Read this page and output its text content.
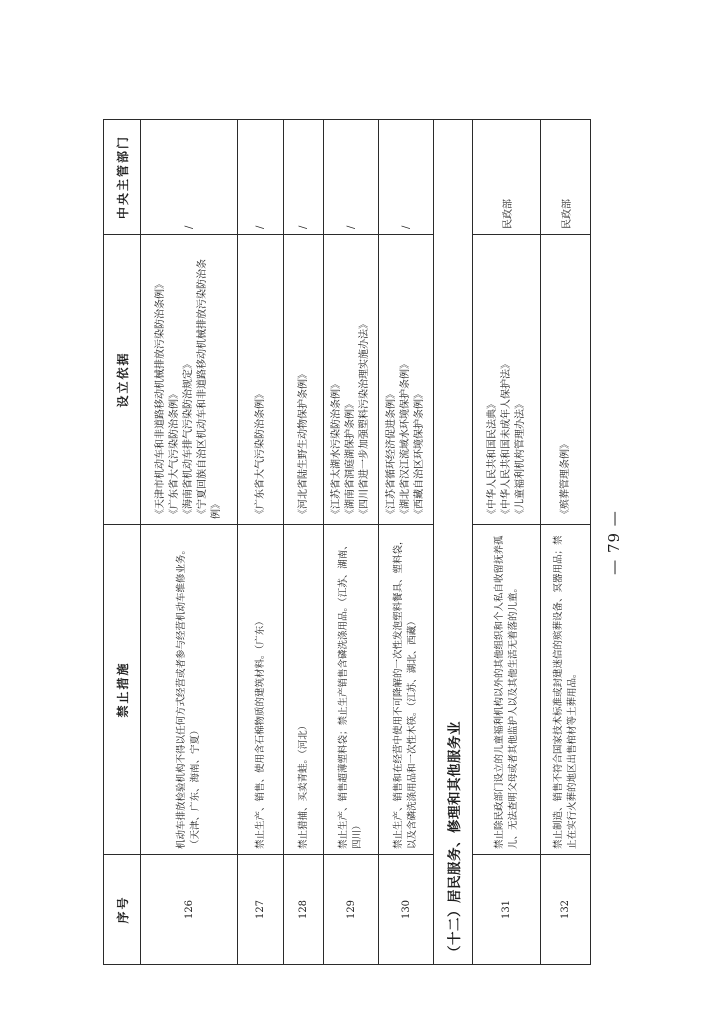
序号	禁止措施	设立依据	中央主管部门
126	机动车排放检验机构不得以任何方式经营或者参与经营机动车维修业务。 （天津、广东、海南、宁夏）	《天津市机动车和非道路移动机械排放污染防治条例》 《广东省大气污染防治条例》 《海南省机动车排气污染防治规定》 《宁夏回族自治区机动车和非道路移动机械排放污染防治条 例》	/
127	禁止生产、销售、使用含石棉物质的建筑材料。（广东）	《广东省大气污染防治条例》	/
128	禁止猎捕、买卖青蛙。（河北）	《河北省陆生野生动物保护条例》	/
129	禁止生产、销售超薄塑料袋；禁止生产销售含磷洗涤用品。（江苏、湖南、 四川）	《江苏省太湖水污染防治条例》 《湖南省洞庭湖保护条例》 《四川省进一步加强塑料污染治理实施办法》	/
130	禁止生产、销售和在经营中使用不可降解的一次性发泡塑料餐具、塑料袋， 以及含磷洗涤用品和一次性木筷。（江苏、湖北、西藏）	《江苏省循环经济促进条例》 《湖北省汉江流域水环境保护条例》 《西藏自治区环境保护条例》	/
（十二）居民服务、修理和其他服务业			
131	禁止除民政部门设立的儿童福利机构以外的其他组织和个人私自收留抚养孤 儿、无法查明父母或者其他监护人以及其他生活无着落的儿童。	《中华人民共和国民法典》 《中华人民共和国未成年人保护法》 《儿童福利机构管理办法》	民政部
132	禁止制造、销售不符合国家技术标准或封建迷信的殡葬设备、冥器用品；禁 止在实行火葬的地区出售棺材等土葬用品。	《殡葬管理条例》	民政部
— 79 —
